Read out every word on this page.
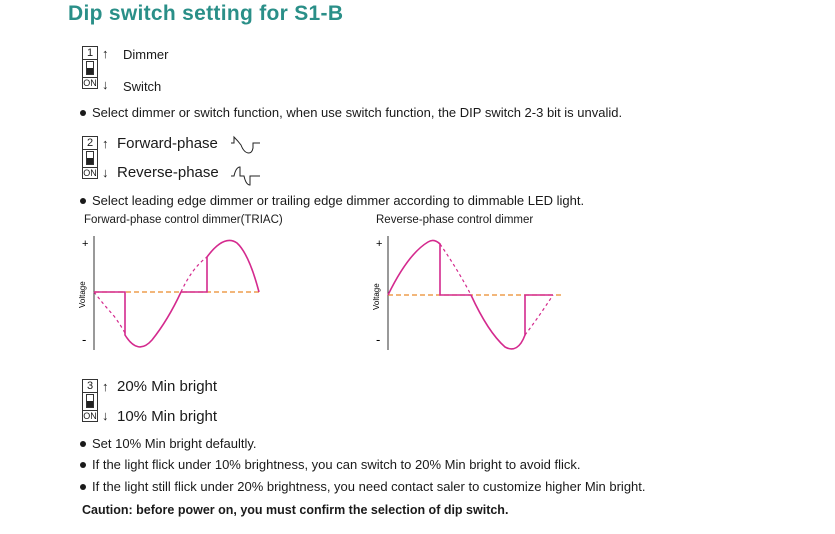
Dip switch setting for S1-B
1
ON
↑ Dimmer
↓ Switch
Select dimmer or switch function, when use switch function, the DIP switch 2-3 bit is unvalid.
2
ON
↑ Forward-phase
↓ Reverse-phase
Select leading edge dimmer or trailing edge dimmer according to dimmable LED light.
Forward-phase control dimmer(TRIAC)	Reverse-phase control dimmer
+
-
Voltage
+
-
Voltage
3
ON
↑ 20% Min bright
↓ 10% Min bright
Set 10% Min bright defaultly.
If the light flick under 10% brightness, you can switch to 20% Min bright to avoid flick.
If the light still flick under 20% brightness, you need contact saler to customize higher Min bright.
Caution: before power on, you must confirm the selection of dip switch.
